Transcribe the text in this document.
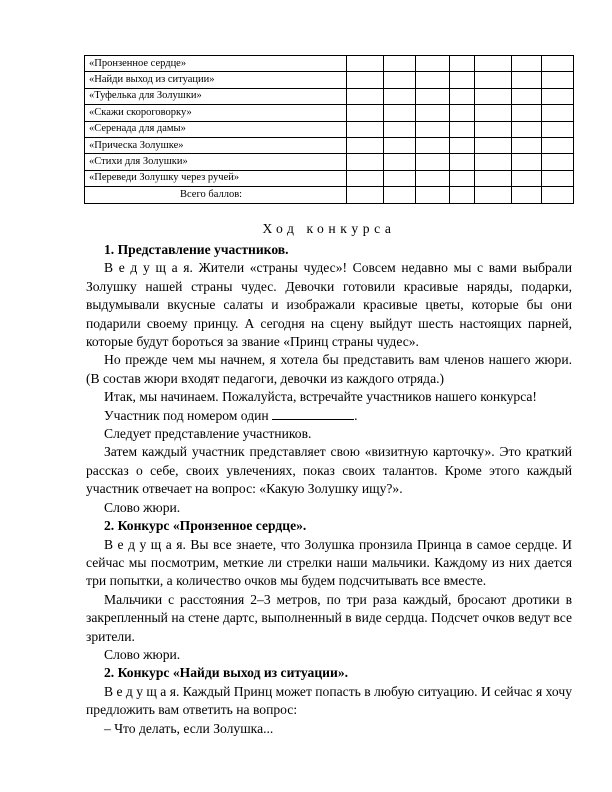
«Пронзенное сердце»							
«Найди выход из ситуации»							
«Туфелька для Золушки»							
«Скажи скороговорку»							
«Серенада для дамы»							
«Прическа Золушке»							
«Стихи для Золушки»							
«Переведи Золушку через ручей»							
Всего баллов:							
Ход конкурса

1. Представление участников.

В е д у щ а я. Жители «страны чудес»! Совсем недавно мы с вами выбрали Золушку нашей страны чудес. Девочки готовили красивые наряды, подарки, выдумывали вкусные салаты и изображали красивые цветы, которые бы они подарили своему принцу. А сегодня на сцену выйдут шесть настоящих парней, которые будут бороться за звание «Принц страны чудес».

Но прежде чем мы начнем, я хотела бы представить вам членов нашего жюри. (В состав жюри входят педагоги, девочки из каждого отряда.)

Итак, мы начинаем. Пожалуйста, встречайте участников нашего конкурса!

Участник под номером один	.

Следует представление участников.

Затем каждый участник представляет свою «визитную карточку». Это краткий рассказ о себе, своих увлечениях, показ своих талантов. Кроме этого каждый участник отвечает на вопрос: «Какую Золушку ищу?».

Слово жюри.

2. Конкурс «Пронзенное сердце».

В е д у щ а я. Вы все знаете, что Золушка пронзила Принца в самое сердце. И сейчас мы посмотрим, меткие ли стрелки наши мальчики. Каждому из них дается три попытки, а количество очков мы будем подсчитывать все вместе.

Мальчики с расстояния 2–3 метров, по три раза каждый, бросают дротики в закрепленный на стене дартс, выполненный в виде сердца. Подсчет очков ведут все зрители.

Слово жюри.

2. Конкурс «Найди выход из ситуации».

В е д у щ а я. Каждый Принц может попасть в любую ситуацию. И сейчас я хочу предложить вам ответить на вопрос:

– Что делать, если Золушка...
